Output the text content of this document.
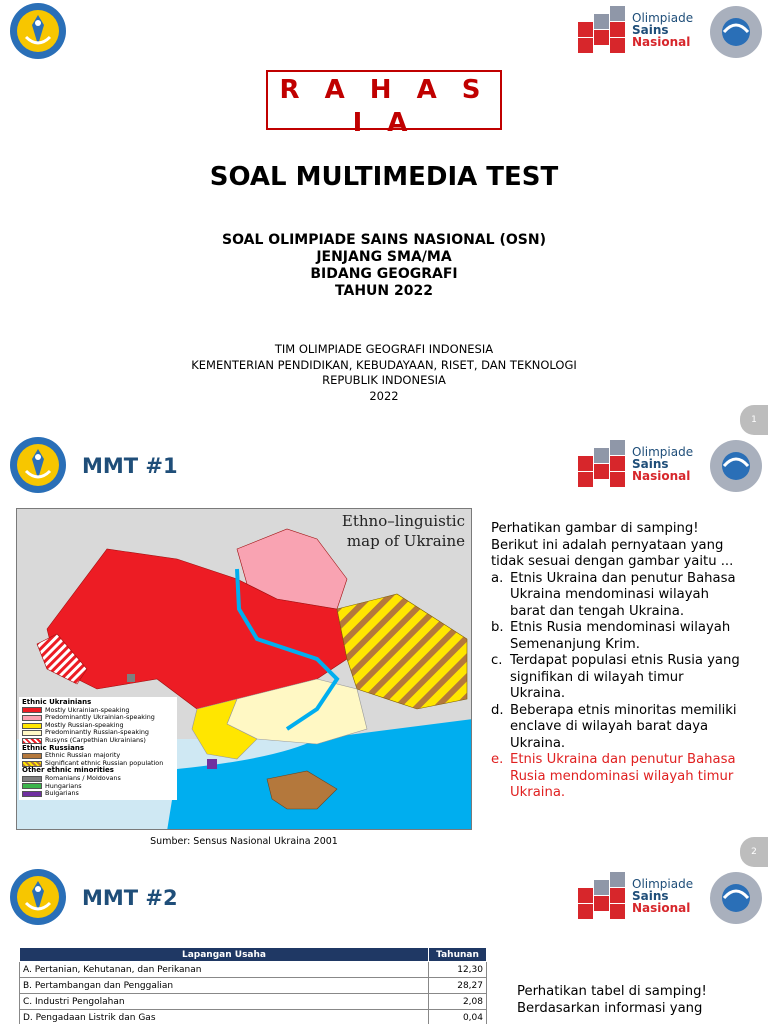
Olimpiade
Sains
Nasional
R A H A S I A
SOAL MULTIMEDIA TEST
SOAL OLIMPIADE SAINS NASIONAL (OSN)
JENJANG SMA/MA
BIDANG GEOGRAFI
TAHUN 2022
TIM OLIMPIADE GEOGRAFI INDONESIA
KEMENTERIAN PENDIDIKAN, KEBUDAYAAN, RISET, DAN TEKNOLOGI
REPUBLIK INDONESIA
2022
1
MMT #1
Olimpiade
Sains
Nasional
Ethno–linguistic
map of Ukraine
Ethnic Ukrainians
Mostly Ukrainian-speaking
Predominantly Ukrainian-speaking
Mostly Russian-speaking
Predominantly Russian-speaking
Rusyns (Carpethian Ukrainians)
Ethnic Russians
Ethnic Russian majority
Significant ethnic Russian population
Other ethnic minorities
Romanians / Moldovans
Hungarians
Bulgarians
Sumber: Sensus Nasional Ukraina 2001
Perhatikan gambar di samping! Berikut ini adalah pernyataan yang tidak sesuai dengan gambar yaitu ...
a. Etnis Ukraina dan penutur Bahasa Ukraina mendominasi wilayah barat dan tengah Ukraina.
b. Etnis Rusia mendominasi wilayah Semenanjung Krim.
c. Terdapat populasi etnis Rusia yang signifikan di wilayah timur Ukraina.
d. Beberapa etnis minoritas memiliki enclave di wilayah barat daya Ukraina.
e. Etnis Ukraina dan penutur Bahasa Rusia mendominasi wilayah timur Ukraina.
2
MMT #2
Olimpiade
Sains
Nasional
Lapangan Usaha	Tahunan
A. Pertanian, Kehutanan, dan Perikanan	12,30
B. Pertambangan dan Penggalian	28,27
C. Industri Pengolahan	2,08
D. Pengadaan Listrik dan Gas	0,04
Perhatikan tabel di samping! Berdasarkan informasi yang
